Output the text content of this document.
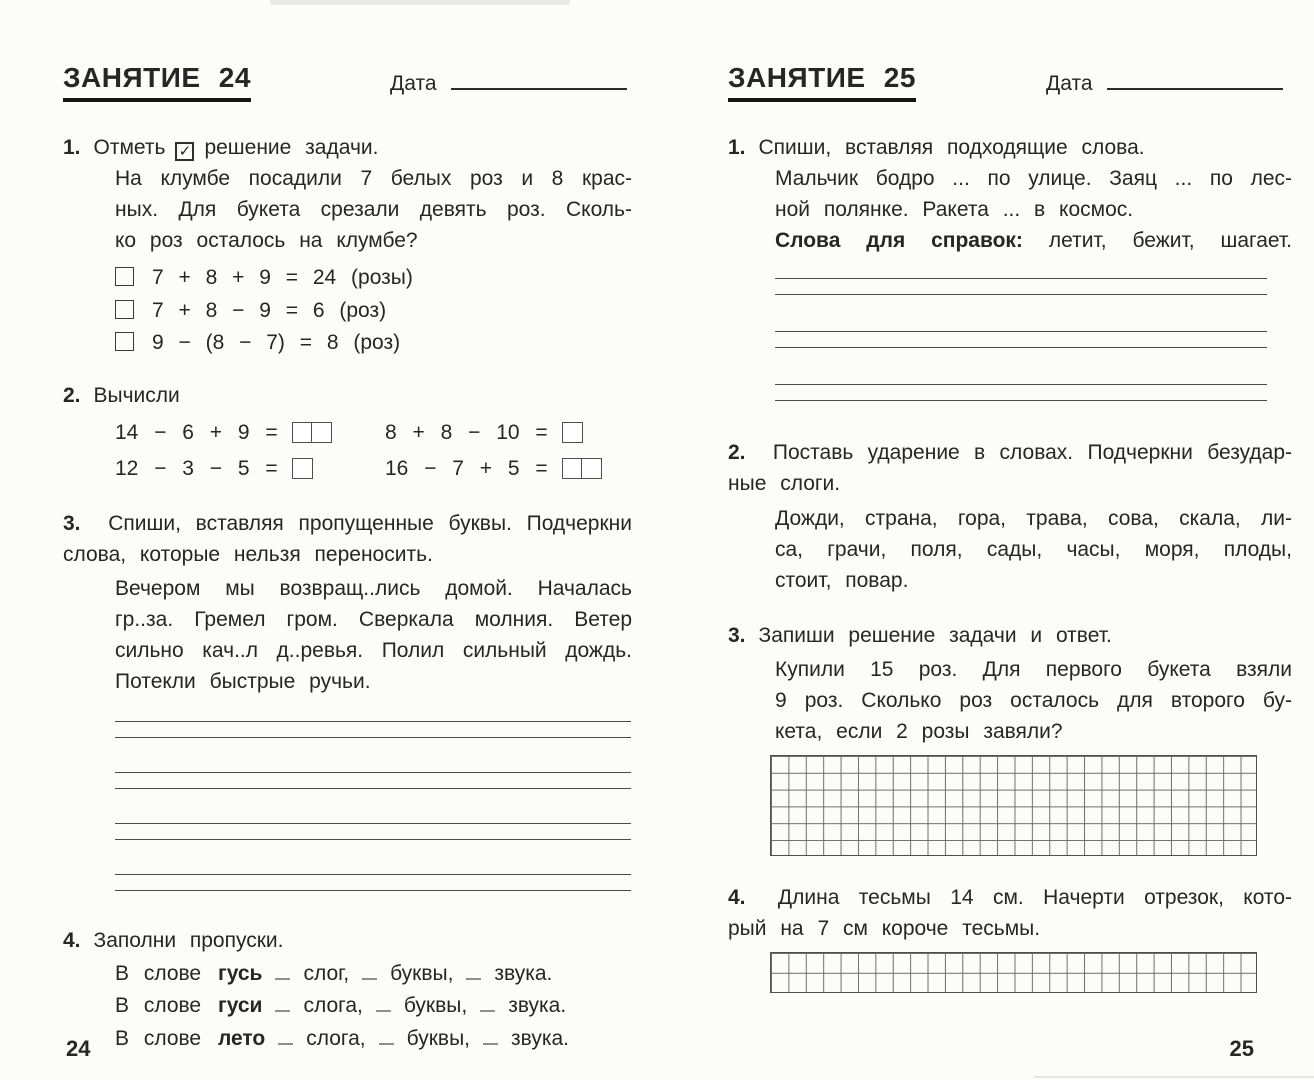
ЗАНЯТИЕ 24	Дата
1. Отметь ✓ решение задачи.
На клумбе посадили 7 белых роз и 8 крас-
ных. Для букета срезали девять роз. Сколь-
ко роз осталось на клумбе?
7 + 8 + 9 = 24 (розы)
7 + 8 − 9 = 6 (роз)
9 − (8 − 7) = 8 (роз)
2. Вычисли
14 − 6 + 9 =	8 + 8 − 10 =
12 − 3 − 5 =	16 − 7 + 5 =
3. Спиши, вставляя пропущенные буквы. Подчеркни
слова, которые нельзя переносить.
Вечером мы возвращ..лись домой. Началась
гр..за. Гремел гром. Сверкала молния. Ветер
сильно кач..л д..ревья. Полил сильный дождь.
Потекли быстрые ручьи.
4. Заполни пропуски.
В слове гусь слог, буквы, звука.
В слове гуси слога, буквы, звука.
В слове лето слога, буквы, звука.
24
ЗАНЯТИЕ 25	Дата
1. Спиши, вставляя подходящие слова.
Мальчик бодро ... по улице. Заяц ... по лес-
ной полянке. Ракета ... в космос.
Слова для справок: летит, бежит, шагает.
2. Поставь ударение в словах. Подчеркни безудар-
ные слоги.
Дожди, страна, гора, трава, сова, скала, ли-
са, грачи, поля, сады, часы, моря, плоды,
стоит, повар.
3. Запиши решение задачи и ответ.
Купили 15 роз. Для первого букета взяли
9 роз. Сколько роз осталось для второго бу-
кета, если 2 розы завяли?
4. Длина тесьмы 14 см. Начерти отрезок, кото-
рый на 7 см короче тесьмы.
25
